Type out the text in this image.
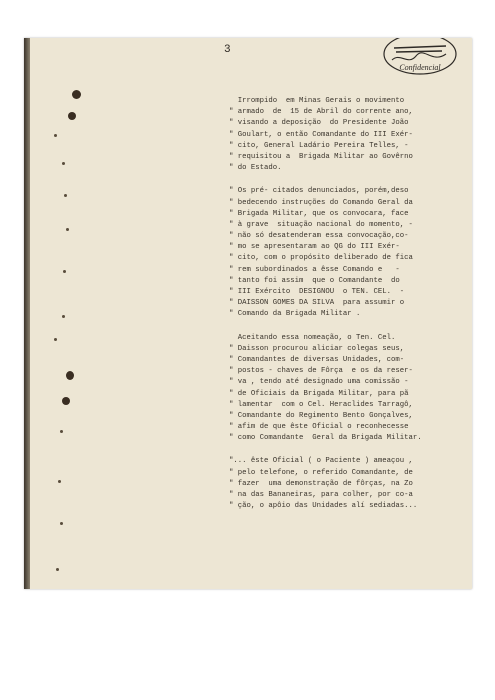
3
Confidencial
Irrompido  em Minas Gerais o movimento
" armado  de  15 de Abril do corrente ano,
" visando a deposição  do Presidente João
" Goulart, o então Comandante do III Exér-
" cito, General Ladário Pereira Telles, -
" requisitou a  Brigada Militar ao Govêrno
" do Estado.
" Os pré- citados denunciados, porém,deso
" bedecendo instruções do Comando Geral da
" Brigada Militar, que os convocara, face
" à grave  situação nacional do momento, -
" não só desatenderam essa convocação,co-
" mo se apresentaram ao QG do III Exér-
" cito, com o propósito deliberado de fica
" rem subordinados a êsse Comando e   -
" tanto foi assim  que o Comandante  do
" III Exército  DESIGNOU  o TEN. CEL.  -
" DAISSON GOMES DA SILVA  para assumir o
" Comando da Brigada Militar .
Aceitando essa nomeação, o Ten. Cel.
" Daisson procurou aliciar colegas seus,
" Comandantes de diversas Unidades, com-
" postos - chaves de Fôrça  e os da reser-
" va , tendo até designado uma comissão -
" de Oficiais da Brigada Militar, para pã
" lamentar  com o Cel. Heraclides Tarragô,
" Comandante do Regimento Bento Gonçalves,
" afim de que êste Oficial o reconhecesse
" como Comandante  Geral da Brigada Militar.
"... êste Oficial ( o Paciente ) ameaçou ,
" pelo telefone, o referido Comandante, de
" fazer  uma demonstração de fôrças, na Zo
" na das Bananeiras, para colher, por co-a
" ção, o apôio das Unidades alí sediadas...
